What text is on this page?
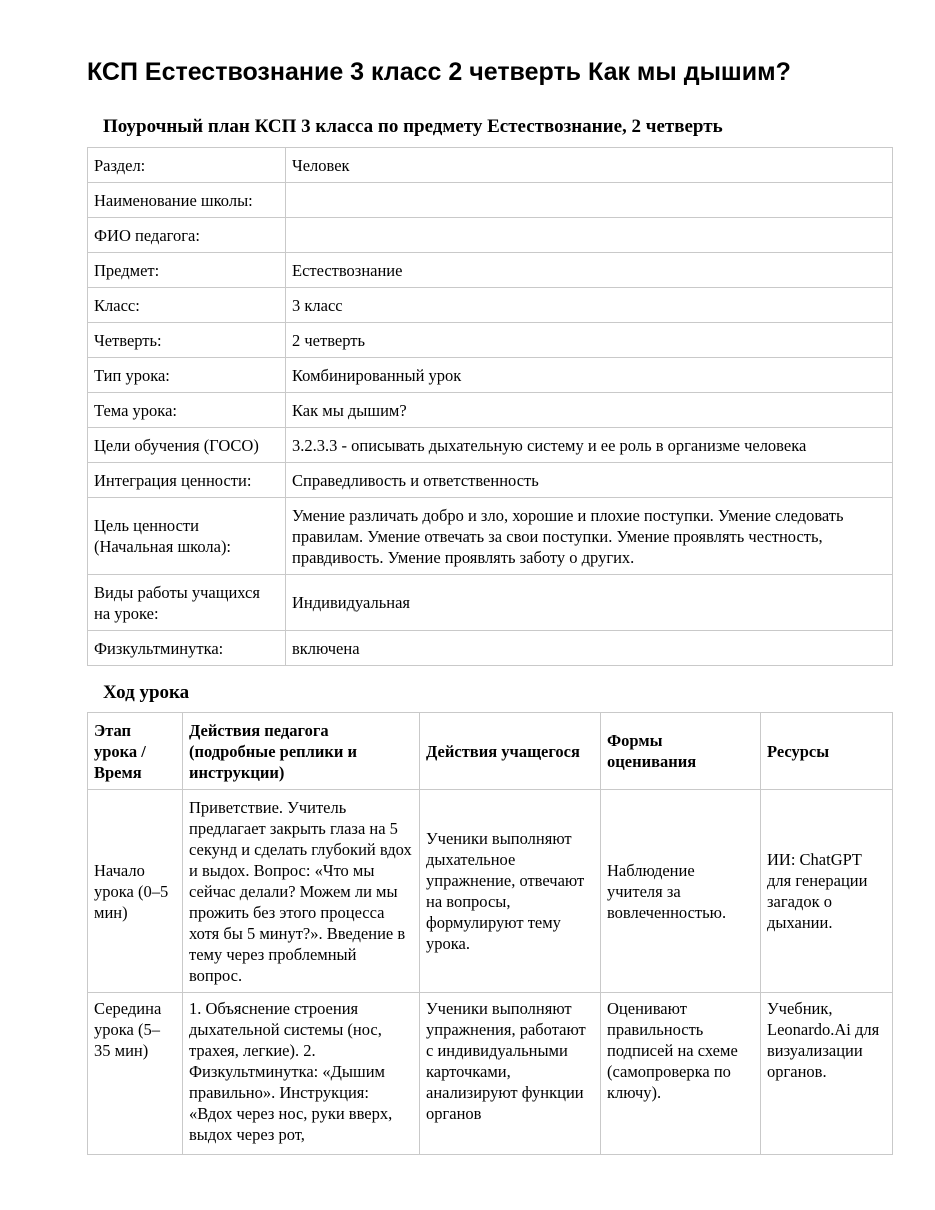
КСП Естествознание 3 класс 2 четверть Как мы дышим?
Поурочный план КСП 3 класса по предмету Естествознание, 2 четверть
Раздел:	Человек
Наименование школы:	
ФИО педагога:	
Предмет:	Естествознание
Класс:	3 класс
Четверть:	2 четверть
Тип урока:	Комбинированный урок
Тема урока:	Как мы дышим?
Цели обучения (ГОСО)	3.2.3.3 - описывать дыхательную систему и ее роль в организме человека
Интеграция ценности:	Справедливость и ответственность
Цель ценности (Начальная школа):	Умение различать добро и зло, хорошие и плохие поступки. Умение следовать правилам. Умение отвечать за свои поступки. Умение проявлять честность, правдивость. Умение проявлять заботу о других.
Виды работы учащихся на уроке:	Индивидуальная
Физкультминутка:	включена
Ход урока
Этап урока / Время	Действия педагога (подробные реплики и инструкции)	Действия учащегося	Формы оценивания	Ресурсы
Начало урока (0–5 мин)	Приветствие. Учитель предлагает закрыть глаза на 5 секунд и сделать глубокий вдох и выдох. Вопрос: «Что мы сейчас делали? Можем ли мы прожить без этого процесса хотя бы 5 минут?». Введение в тему через проблемный вопрос.	Ученики выполняют дыхательное упражнение, отвечают на вопросы, формулируют тему урока.	Наблюдение учителя за вовлеченностью.	ИИ: ChatGPT для генерации загадок о дыхании.
Середина урока (5–35 мин)	1. Объяснение строения дыхательной системы (нос, трахея, легкие). 2. Физкультминутка: «Дышим правильно». Инструкция: «Вдох через нос, руки вверх, выдох через рот,	Ученики выполняют упражнения, работают с индивидуальными карточками, анализируют функции органов	Оценивают правильность подписей на схеме (самопроверка по ключу).	Учебник, Leonardo.Ai для визуализации органов.
